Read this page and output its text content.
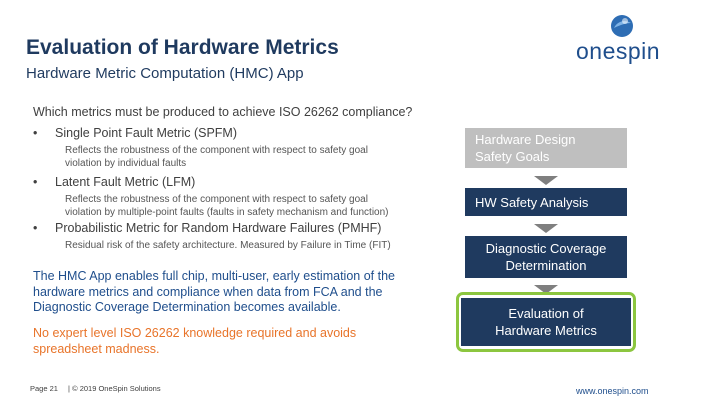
Evaluation of Hardware Metrics
Hardware Metric Computation (HMC) App
onespin
Which metrics must be produced to achieve ISO 26262 compliance?
• Single Point Fault Metric (SPFM)
Reflects the robustness of the component with respect to safety goal
violation by individual faults
• Latent Fault Metric (LFM)
Reflects the robustness of the component with respect to safety goal
violation by multiple-point faults (faults in safety mechanism and function)
• Probabilistic Metric for Random Hardware Failures (PMHF)
Residual risk of the safety architecture. Measured by Failure in Time (FIT)
The HMC App enables full chip, multi-user, early estimation of the
hardware metrics and compliance when data from FCA and the
Diagnostic Coverage Determination becomes available.
No expert level ISO 26262 knowledge required and avoids
spreadsheet madness.
Hardware Design
Safety Goals
HW Safety Analysis
Diagnostic Coverage
Determination
Evaluation of
Hardware Metrics
Page 21 | © 2019 OneSpin Solutions	www.onespin.com
